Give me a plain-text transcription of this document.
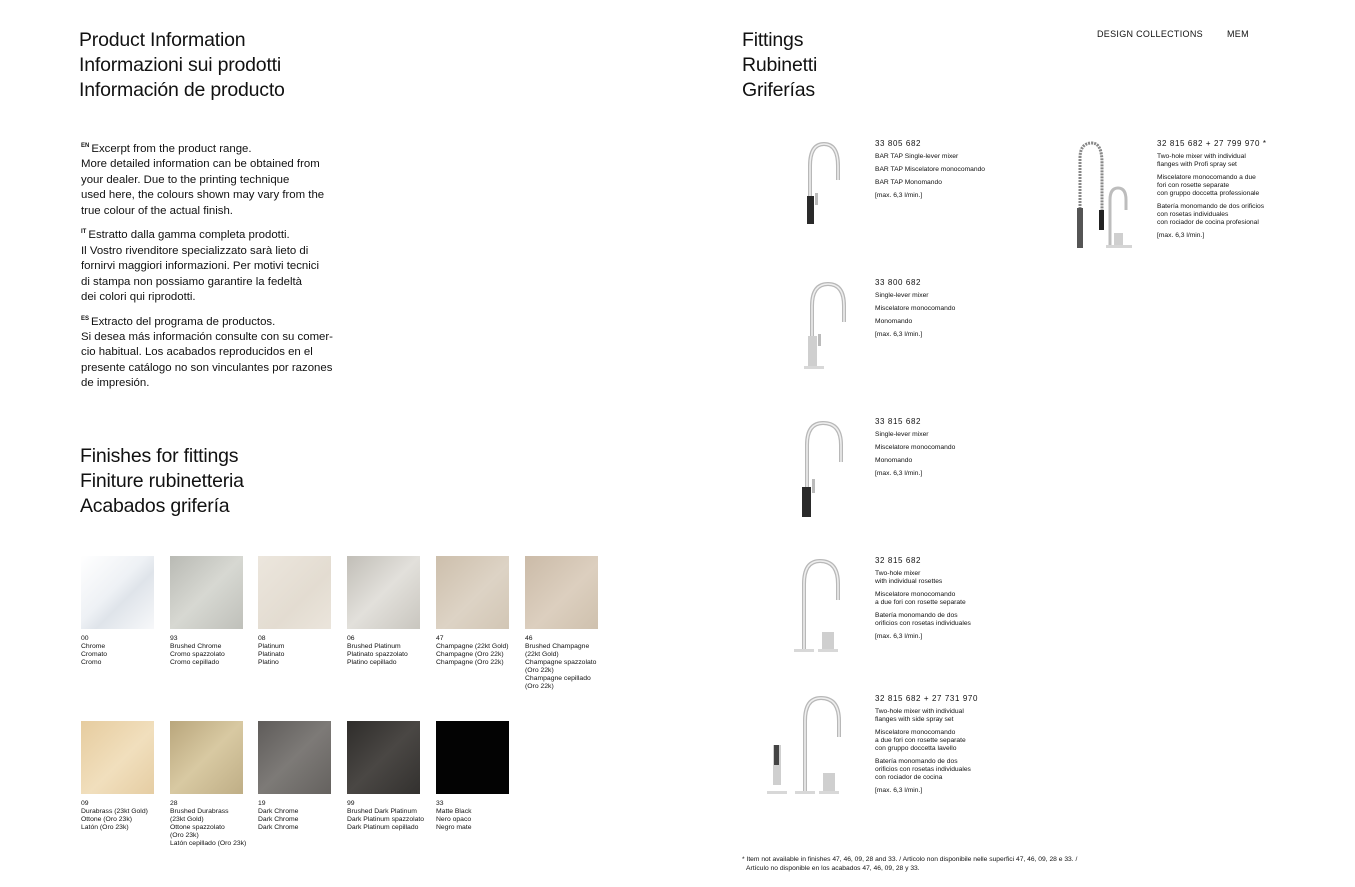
Product Information
Informazioni sui prodotti
Información de producto

$^{EN}$ Excerpt from the product range.
More detailed information can be obtained from
your dealer. Due to the printing technique
used here, the colours shown may vary from the
true colour of the actual finish.

$^{IT}$ Estratto dalla gamma completa prodotti.
Il Vostro rivenditore specializzato sarà lieto di
fornirvi maggiori informazioni. Per motivi tecnici
di stampa non possiamo garantire la fedeltà
dei colori qui riprodotti.

$^{ES}$ Extracto del programa de productos.
Si desea más información consulte con su comer-
cio habitual. Los acabados reproducidos en el
presente catálogo no son vinculantes por razones
de impresión.

Finishes for fittings
Finiture rubinetteria
Acabados grifería
00
Chrome
Cromato
Cromo
93
Brushed Chrome
Cromo spazzolato
Cromo cepillado
08
Platinum
Platinato
Platino
06
Brushed Platinum
Platinato spazzolato
Platino cepillado
47
Champagne (22kt Gold)
Champagne (Oro 22k)
Champagne (Oro 22k)
46
Brushed Champagne
(22kt Gold)
Champagne spazzolato
(Oro 22k)
Champagne cepillado
(Oro 22k)
09
Durabrass (23kt Gold)
Ottone (Oro 23k)
Latón (Oro 23k)
28
Brushed Durabrass
(23kt Gold)
Ottone spazzolato
(Oro 23k)
Latón cepillado (Oro 23k)
19
Dark Chrome
Dark Chrome
Dark Chrome
99
Brushed Dark Platinum
Dark Platinum spazzolato
Dark Platinum cepillado
33
Matte Black
Nero opaco
Negro mate
Fittings
Rubinetti
Griferías
DESIGN COLLECTIONS	MEM
33 805 682
BAR TAP Single-lever mixer
BAR TAP Miscelatore monocomando
BAR TAP Monomando
[max. 6,3 l/min.]
32 815 682 + 27 799 970 *
Two-hole mixer with individual
flanges with Profi spray set
Miscelatore monocomando a due
fori con rosette separate
con gruppo doccetta professionale
Batería monomando de dos orificios
con rosetas individuales
con rociador de cocina profesional
[max. 6,3 l/min.]
33 800 682
Single-lever mixer
Miscelatore monocomando
Monomando
[max. 6,3 l/min.]
33 815 682
Single-lever mixer
Miscelatore monocomando
Monomando
[max. 6,3 l/min.]
32 815 682
Two-hole mixer
with individual rosettes
Miscelatore monocomando
a due fori con rosette separate
Batería monomando de dos
orificios con rosetas individuales
[max. 6,3 l/min.]
32 815 682 + 27 731 970
Two-hole mixer with individual
flanges with side spray set
Miscelatore monocomando
a due fori con rosette separate
con gruppo doccetta lavello
Batería monomando de dos
orificios con rosetas individuales
con rociador de cocina
[max. 6,3 l/min.]
* Item not available in finishes 47, 46, 09, 28 and 33. / Articolo non disponibile nelle superfici 47, 46, 09, 28 e 33. /
Artículo no disponible en los acabados 47, 46, 09, 28 y 33.
